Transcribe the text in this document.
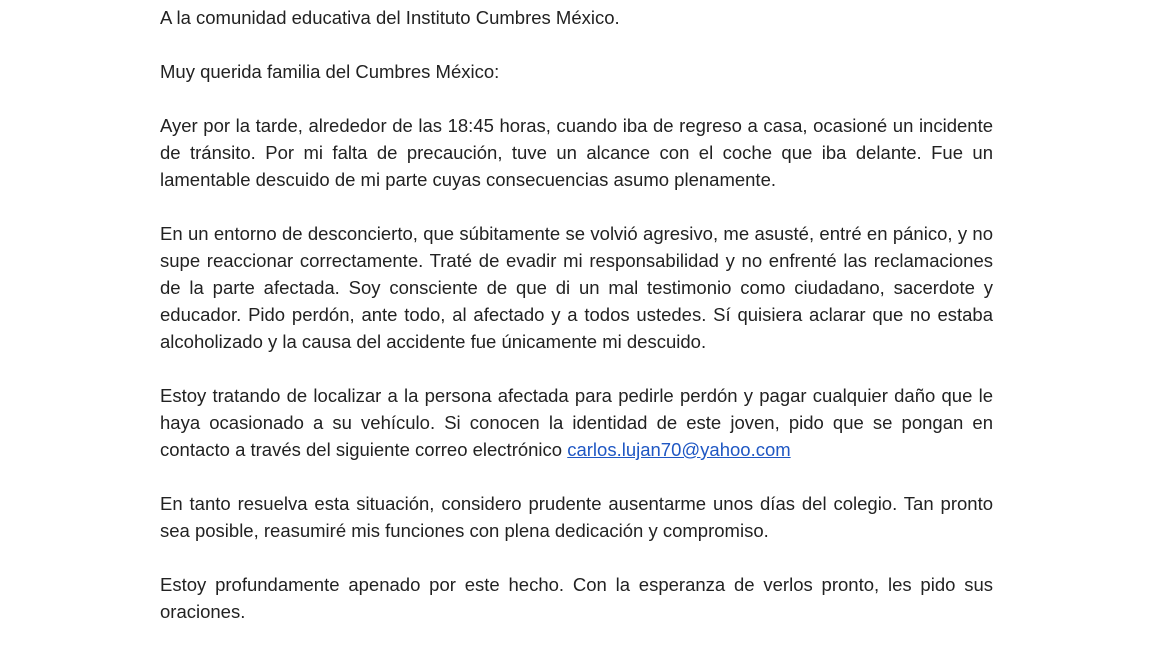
A la comunidad educativa del Instituto Cumbres México.

Muy querida familia del Cumbres México:

Ayer por la tarde, alrededor de las 18:45 horas, cuando iba de regreso a casa, ocasioné un incidente de tránsito. Por mi falta de precaución, tuve un alcance con el coche que iba delante. Fue un lamentable descuido de mi parte cuyas consecuencias asumo plenamente.

En un entorno de desconcierto, que súbitamente se volvió agresivo, me asusté, entré en pánico, y no supe reaccionar correctamente. Traté de evadir mi responsabilidad y no enfrenté las reclamaciones de la parte afectada. Soy consciente de que di un mal testimonio como ciudadano, sacerdote y educador. Pido perdón, ante todo, al afectado y a todos ustedes. Sí quisiera aclarar que no estaba alcoholizado y la causa del accidente fue únicamente mi descuido.

Estoy tratando de localizar a la persona afectada para pedirle perdón y pagar cualquier daño que le haya ocasionado a su vehículo. Si conocen la identidad de este joven, pido que se pongan en contacto a través del siguiente correo electrónico carlos.lujan70@yahoo.com

En tanto resuelva esta situación, considero prudente ausentarme unos días del colegio. Tan pronto sea posible, reasumiré mis funciones con plena dedicación y compromiso.

Estoy profundamente apenado por este hecho. Con la esperanza de verlos pronto, les pido sus oraciones.
